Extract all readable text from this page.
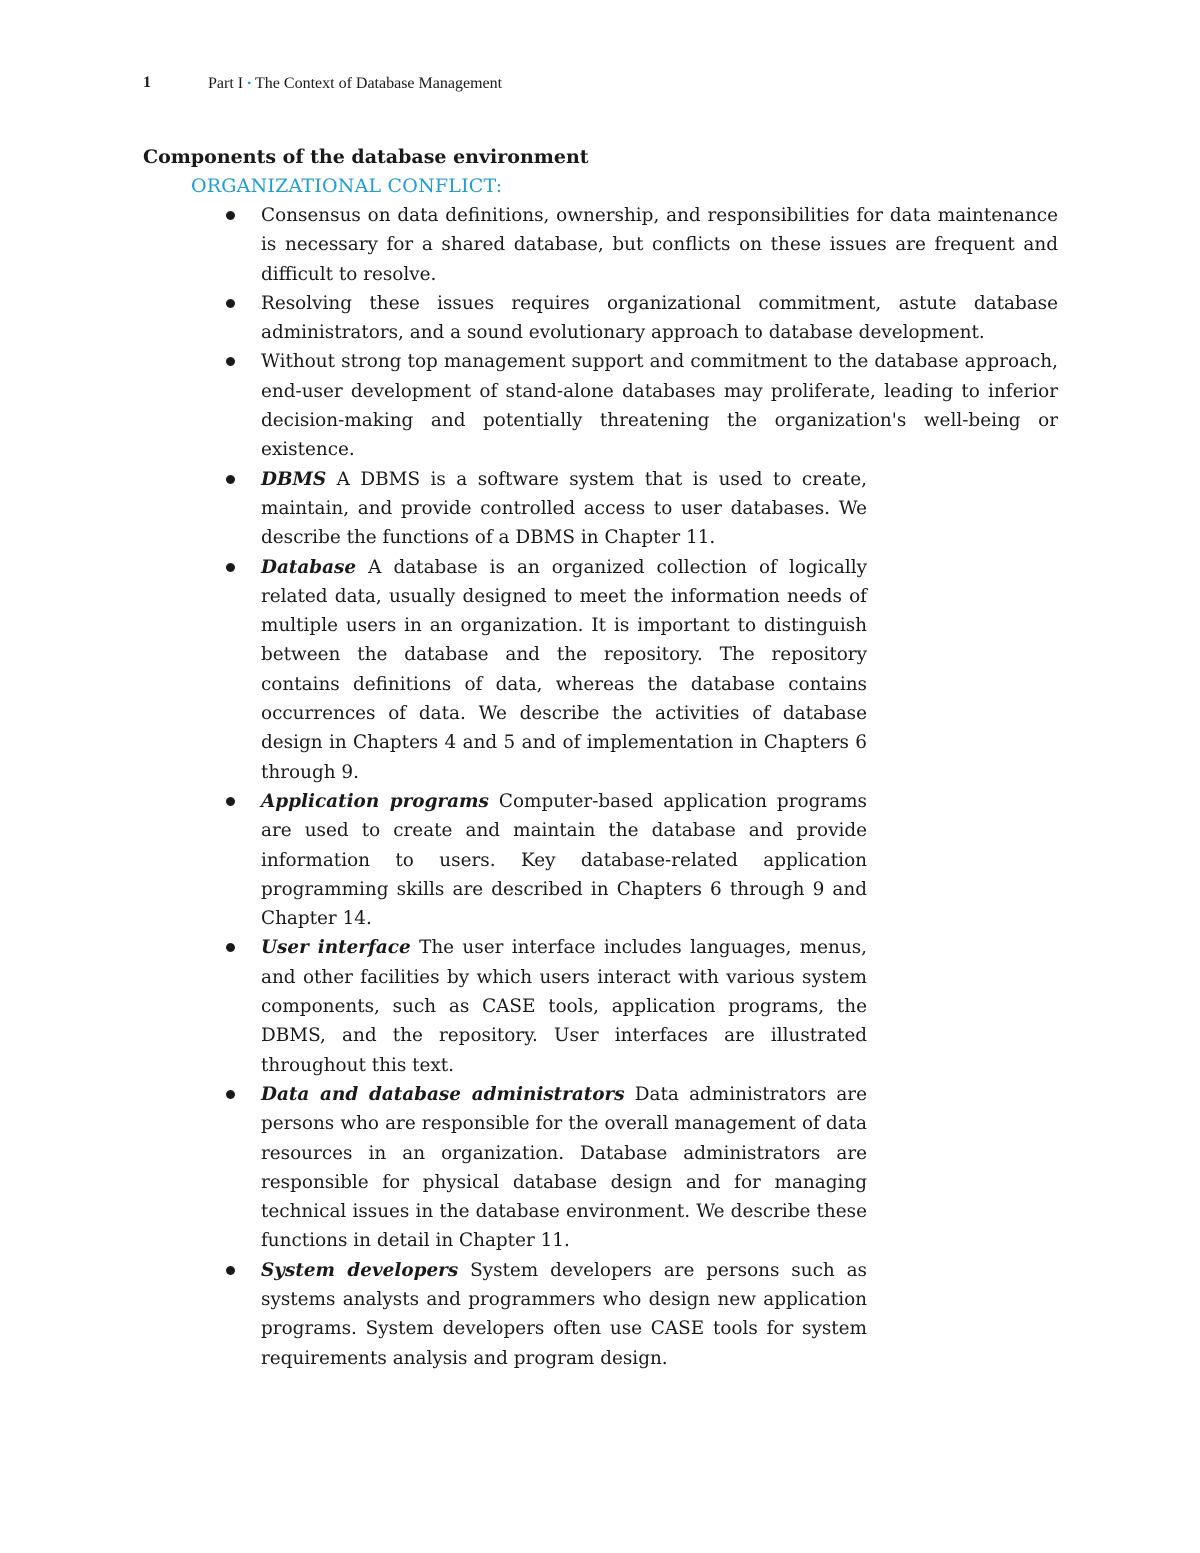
1	Part I • The Context of Database Management
Components of the database environment
ORGANIZATIONAL CONFLICT:
Consensus on data definitions, ownership, and responsibilities for data maintenance is necessary for a shared database, but conflicts on these issues are frequent and difficult to resolve.
Resolving these issues requires organizational commitment, astute database administrators, and a sound evolutionary approach to database development.
Without strong top management support and commitment to the database approach, end-user development of stand-alone databases may proliferate, leading to inferior decision-making and potentially threatening the organization's well-being or existence.
DBMS A DBMS is a software system that is used to create, maintain, and provide controlled access to user databases. We describe the functions of a DBMS in Chapter 11.
Database A database is an organized collection of logically related data, usually designed to meet the information needs of multiple users in an organization. It is important to distinguish between the database and the repository. The repository contains definitions of data, whereas the database contains occurrences of data. We describe the activities of database design in Chapters 4 and 5 and of implementation in Chapters 6 through 9.
Application programs Computer-based application programs are used to create and maintain the database and provide information to users. Key database-related application programming skills are described in Chapters 6 through 9 and Chapter 14.
User interface The user interface includes languages, menus, and other facilities by which users interact with various system components, such as CASE tools, application programs, the DBMS, and the repository. User interfaces are illustrated throughout this text.
Data and database administrators Data administrators are persons who are responsible for the overall management of data resources in an organization. Database administrators are responsible for physical database design and for managing technical issues in the database environment. We describe these functions in detail in Chapter 11.
System developers System developers are persons such as systems analysts and programmers who design new application programs. System developers often use CASE tools for system requirements analysis and program design.
